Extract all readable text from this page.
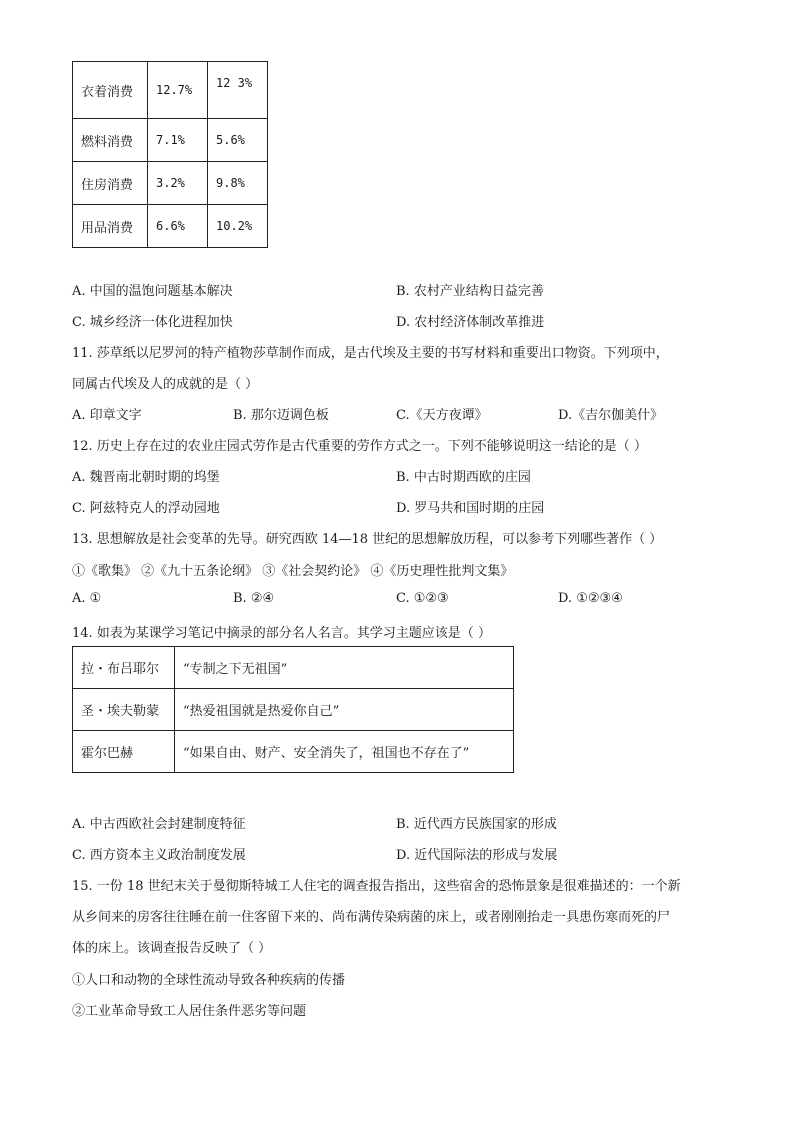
衣着消费	12.7%	12 3%
燃料消费	7.1%	5.6%
住房消费	3.2%	9.8%
用品消费	6.6%	10.2%
A. 中国的温饱问题基本解决	B. 农村产业结构日益完善
C. 城乡经济一体化进程加快	D. 农村经济体制改革推进
11. 莎草纸以尼罗河的特产植物莎草制作而成，是古代埃及主要的书写材料和重要出口物资。下列项中，
同属古代埃及人的成就的是（ ）
A. 印章文字	B. 那尔迈调色板	C.《天方夜谭》	D.《吉尔伽美什》
12. 历史上存在过的农业庄园式劳作是古代重要的劳作方式之一。下列不能够说明这一结论的是（ ）
A. 魏晋南北朝时期的坞堡	B. 中古时期西欧的庄园
C. 阿兹特克人的浮动园地	D. 罗马共和国时期的庄园
13. 思想解放是社会变革的先导。研究西欧 14—18 世纪的思想解放历程，可以参考下列哪些著作（ ）
①《歌集》 ②《九十五条论纲》 ③《社会契约论》 ④《历史理性批判文集》
A. ①	B. ②④	C. ①②③	D. ①②③④
14. 如表为某课学习笔记中摘录的部分名人名言。其学习主题应该是（ ）
拉・布吕耶尔	“专制之下无祖国”
圣・埃夫勒蒙	“热爱祖国就是热爱你自己”
霍尔巴赫	“如果自由、财产、安全消失了，祖国也不存在了”
A. 中古西欧社会封建制度特征	B. 近代西方民族国家的形成
C. 西方资本主义政治制度发展	D. 近代国际法的形成与发展
15. 一份 18 世纪末关于曼彻斯特城工人住宅的调查报告指出，这些宿舍的恐怖景象是很难描述的：一个新
从乡间来的房客往往睡在前一住客留下来的、尚布满传染病菌的床上，或者刚刚抬走一具患伤寒而死的尸
体的床上。该调查报告反映了（ ）
①人口和动物的全球性流动导致各种疾病的传播
②工业革命导致工人居住条件恶劣等问题
